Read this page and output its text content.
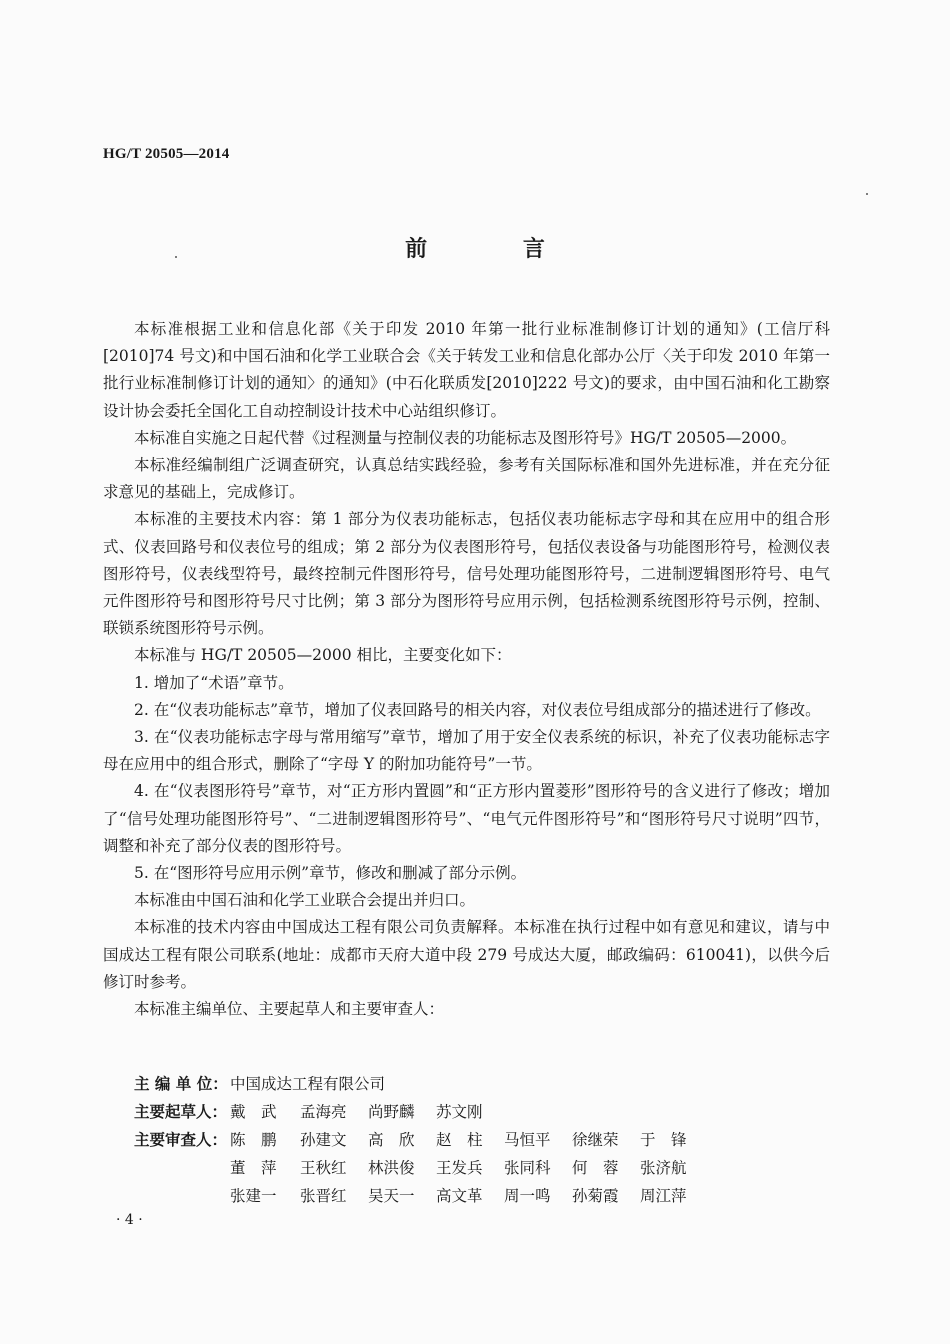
HG/T 20505—2014
前 言

本标准根据工业和信息化部《关于印发 2010 年第一批行业标准制修订计划的通知》(工信厅科[2010]74 号文)和中国石油和化学工业联合会《关于转发工业和信息化部办公厅〈关于印发 2010 年第一批行业标准制修订计划的通知〉的通知》(中石化联质发[2010]222 号文)的要求，由中国石油和化工勘察设计协会委托全国化工自动控制设计技术中心站组织修订。

本标准自实施之日起代替《过程测量与控制仪表的功能标志及图形符号》HG/T 20505—2000。

本标准经编制组广泛调查研究，认真总结实践经验，参考有关国际标准和国外先进标准，并在充分征求意见的基础上，完成修订。

本标准的主要技术内容：第 1 部分为仪表功能标志，包括仪表功能标志字母和其在应用中的组合形式、仪表回路号和仪表位号的组成；第 2 部分为仪表图形符号，包括仪表设备与功能图形符号，检测仪表图形符号，仪表线型符号，最终控制元件图形符号，信号处理功能图形符号，二进制逻辑图形符号、电气元件图形符号和图形符号尺寸比例；第 3 部分为图形符号应用示例，包括检测系统图形符号示例，控制、联锁系统图形符号示例。

本标准与 HG/T 20505—2000 相比，主要变化如下：

1. 增加了“术语”章节。

2. 在“仪表功能标志”章节，增加了仪表回路号的相关内容，对仪表位号组成部分的描述进行了修改。

3. 在“仪表功能标志字母与常用缩写”章节，增加了用于安全仪表系统的标识，补充了仪表功能标志字母在应用中的组合形式，删除了“字母 Y 的附加功能符号”一节。

4. 在“仪表图形符号”章节，对“正方形内置圆”和“正方形内置菱形”图形符号的含义进行了修改；增加了“信号处理功能图形符号”、“二进制逻辑图形符号”、“电气元件图形符号”和“图形符号尺寸说明”四节，调整和补充了部分仪表的图形符号。

5. 在“图形符号应用示例”章节，修改和删减了部分示例。

本标准由中国石油和化学工业联合会提出并归口。

本标准的技术内容由中国成达工程有限公司负责解释。本标准在执行过程中如有意见和建议，请与中国成达工程有限公司联系(地址：成都市天府大道中段 279 号成达大厦，邮政编码：610041)，以供今后修订时参考。

本标准主编单位、主要起草人和主要审查人：

主 编 单 位： 中国成达工程有限公司
主要起草人： 戴　武	孟海亮	尚野麟	苏文刚
主要审查人： 陈　鹏	孙建文	高　欣	赵　柱	马恒平	徐继荣	于　锋
董　萍	王秋红	林洪俊	王发兵	张同科	何　蓉	张济航
张建一	张晋红	吴天一	高文革	周一鸣	孙菊霞	周江萍
· 4 ·
